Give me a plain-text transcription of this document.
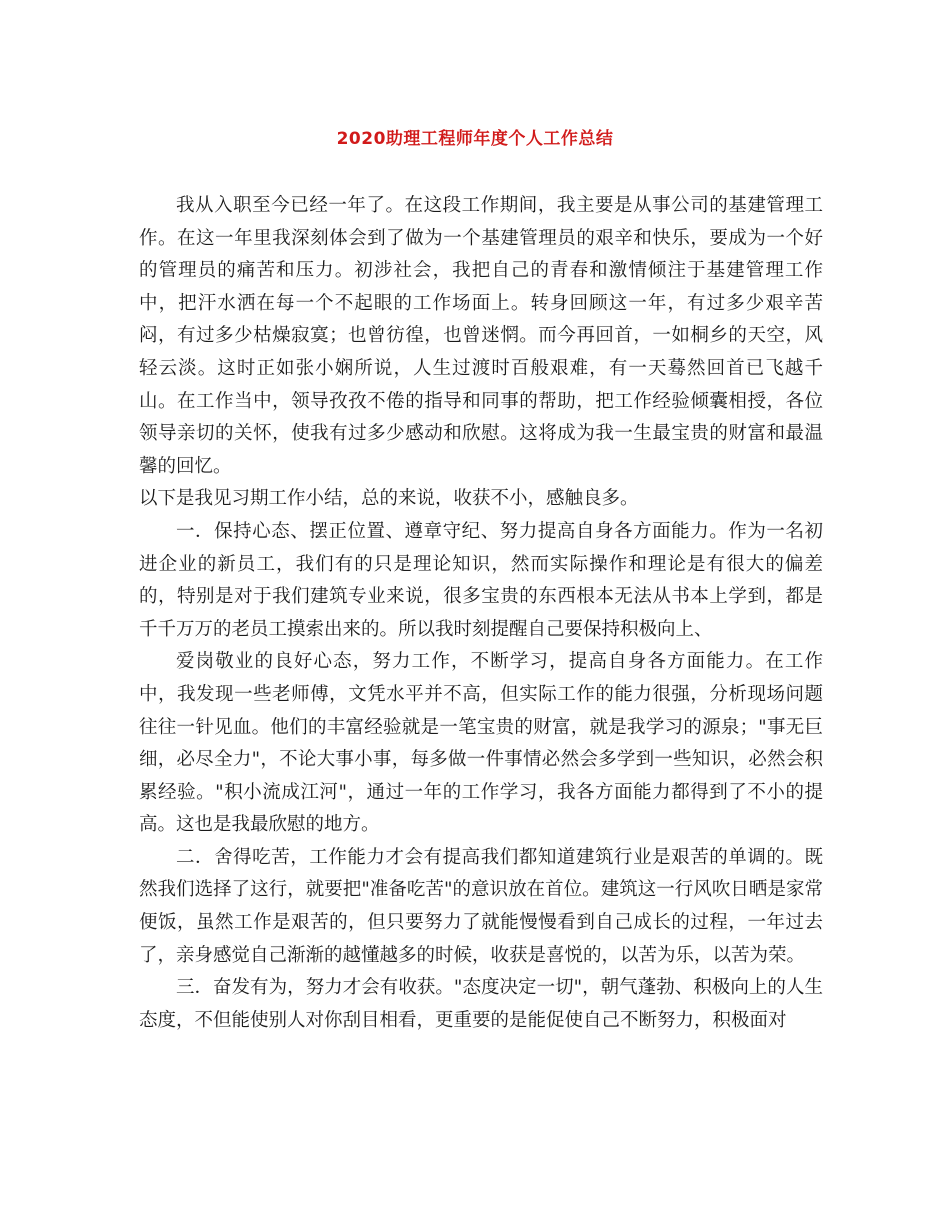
2020助理工程师年度个人工作总结

我从入职至今已经一年了。在这段工作期间，我主要是从事公司的基建管理工作。在这一年里我深刻体会到了做为一个基建管理员的艰辛和快乐，要成为一个好的管理员的痛苦和压力。初涉社会，我把自己的青春和激情倾注于基建管理工作中，把汗水洒在每一个不起眼的工作场面上。转身回顾这一年，有过多少艰辛苦闷，有过多少枯燥寂寞；也曾彷徨，也曾迷惘。而今再回首，一如桐乡的天空，风轻云淡。这时正如张小娴所说，人生过渡时百般艰难，有一天蓦然回首已飞越千山。在工作当中，领导孜孜不倦的指导和同事的帮助，把工作经验倾囊相授，各位领导亲切的关怀，使我有过多少感动和欣慰。这将成为我一生最宝贵的财富和最温馨的回忆。

以下是我见习期工作小结，总的来说，收获不小，感触良多。

一．保持心态、摆正位置、遵章守纪、努力提高自身各方面能力。作为一名初进企业的新员工，我们有的只是理论知识，然而实际操作和理论是有很大的偏差的，特别是对于我们建筑专业来说，很多宝贵的东西根本无法从书本上学到，都是千千万万的老员工摸索出来的。所以我时刻提醒自己要保持积极向上、

爱岗敬业的良好心态，努力工作，不断学习，提高自身各方面能力。在工作中，我发现一些老师傅，文凭水平并不高，但实际工作的能力很强，分析现场问题往往一针见血。他们的丰富经验就是一笔宝贵的财富，就是我学习的源泉；"事无巨细，必尽全力"，不论大事小事，每多做一件事情必然会多学到一些知识，必然会积累经验。"积小流成江河"，通过一年的工作学习，我各方面能力都得到了不小的提高。这也是我最欣慰的地方。

二．舍得吃苦，工作能力才会有提高我们都知道建筑行业是艰苦的单调的。既然我们选择了这行，就要把"准备吃苦"的意识放在首位。建筑这一行风吹日晒是家常便饭，虽然工作是艰苦的，但只要努力了就能慢慢看到自己成长的过程，一年过去了，亲身感觉自己渐渐的越懂越多的时候，收获是喜悦的，以苦为乐，以苦为荣。

三．奋发有为，努力才会有收获。"态度决定一切"，朝气蓬勃、积极向上的人生态度，不但能使别人对你刮目相看，更重要的是能促使自己不断努力，积极面对
